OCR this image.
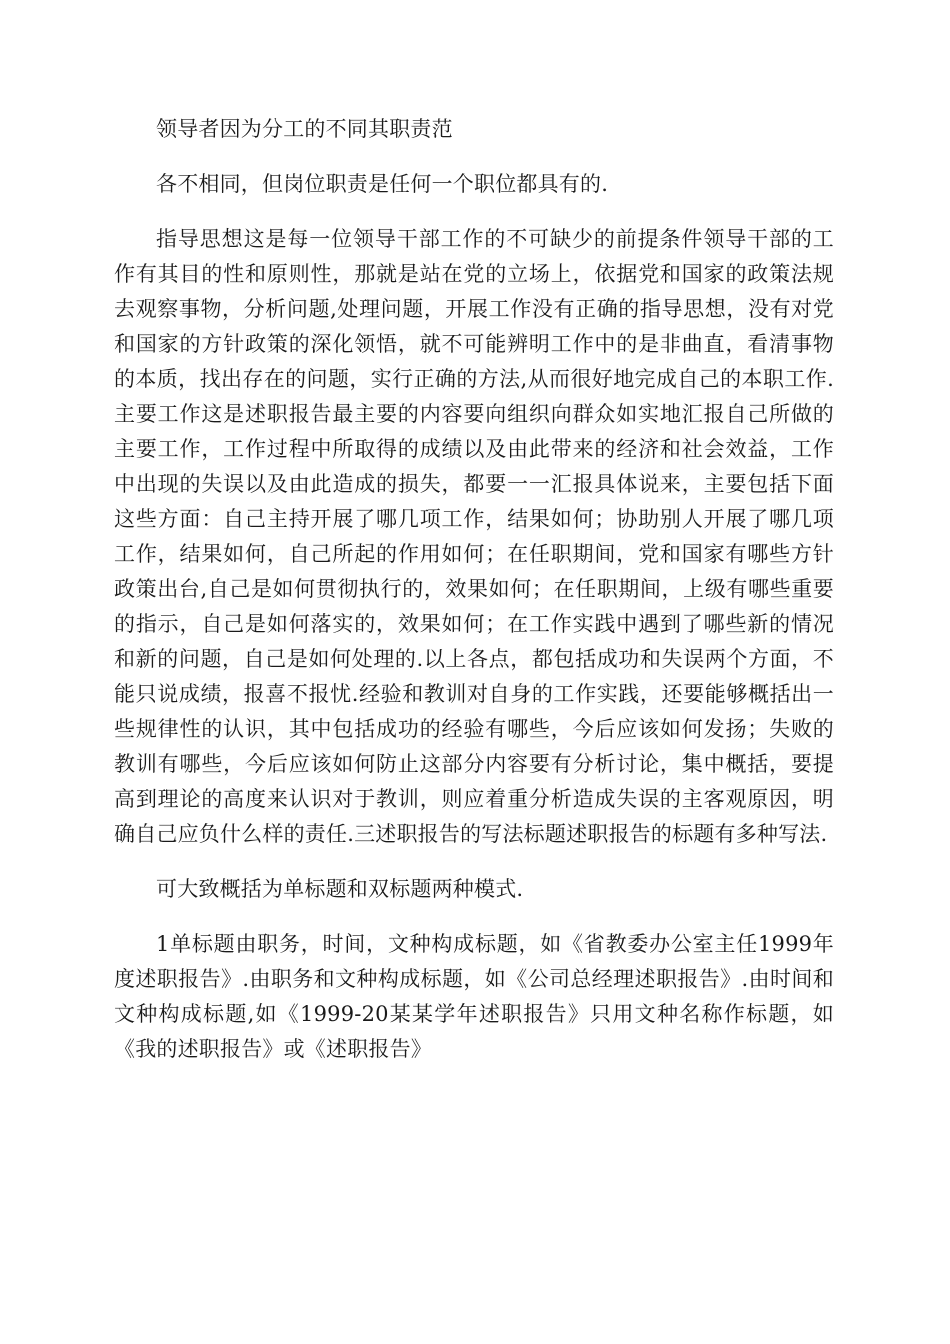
领导者因为分工的不同其职责范

各不相同，但岗位职责是任何一个职位都具有的.

指导思想这是每一位领导干部工作的不可缺少的前提条件领导干部的工作有其目的性和原则性，那就是站在党的立场上，依据党和国家的政策法规去观察事物，分析问题,处理问题，开展工作没有正确的指导思想，没有对党和国家的方针政策的深化领悟，就不可能辨明工作中的是非曲直，看清事物的本质，找出存在的问题，实行正确的方法,从而很好地完成自己的本职工作.主要工作这是述职报告最主要的内容要向组织向群众如实地汇报自己所做的主要工作，工作过程中所取得的成绩以及由此带来的经济和社会效益，工作中出现的失误以及由此造成的损失，都要一一汇报具体说来，主要包括下面这些方面：自己主持开展了哪几项工作，结果如何；协助别人开展了哪几项工作，结果如何，自己所起的作用如何；在任职期间，党和国家有哪些方针政策出台,自己是如何贯彻执行的，效果如何；在任职期间，上级有哪些重要的指示，自己是如何落实的，效果如何；在工作实践中遇到了哪些新的情况和新的问题，自己是如何处理的.以上各点，都包括成功和失误两个方面，不能只说成绩，报喜不报忧.经验和教训对自身的工作实践，还要能够概括出一些规律性的认识，其中包括成功的经验有哪些，今后应该如何发扬；失败的教训有哪些，今后应该如何防止这部分内容要有分析讨论，集中概括，要提高到理论的高度来认识对于教训，则应着重分析造成失误的主客观原因，明确自己应负什么样的责任.三述职报告的写法标题述职报告的标题有多种写法.

可大致概括为单标题和双标题两种模式.

1单标题由职务，时间，文种构成标题，如《省教委办公室主任1999年度述职报告》.由职务和文种构成标题，如《公司总经理述职报告》.由时间和文种构成标题,如《1999-20某某学年述职报告》只用文种名称作标题，如《我的述职报告》或《述职报告》
